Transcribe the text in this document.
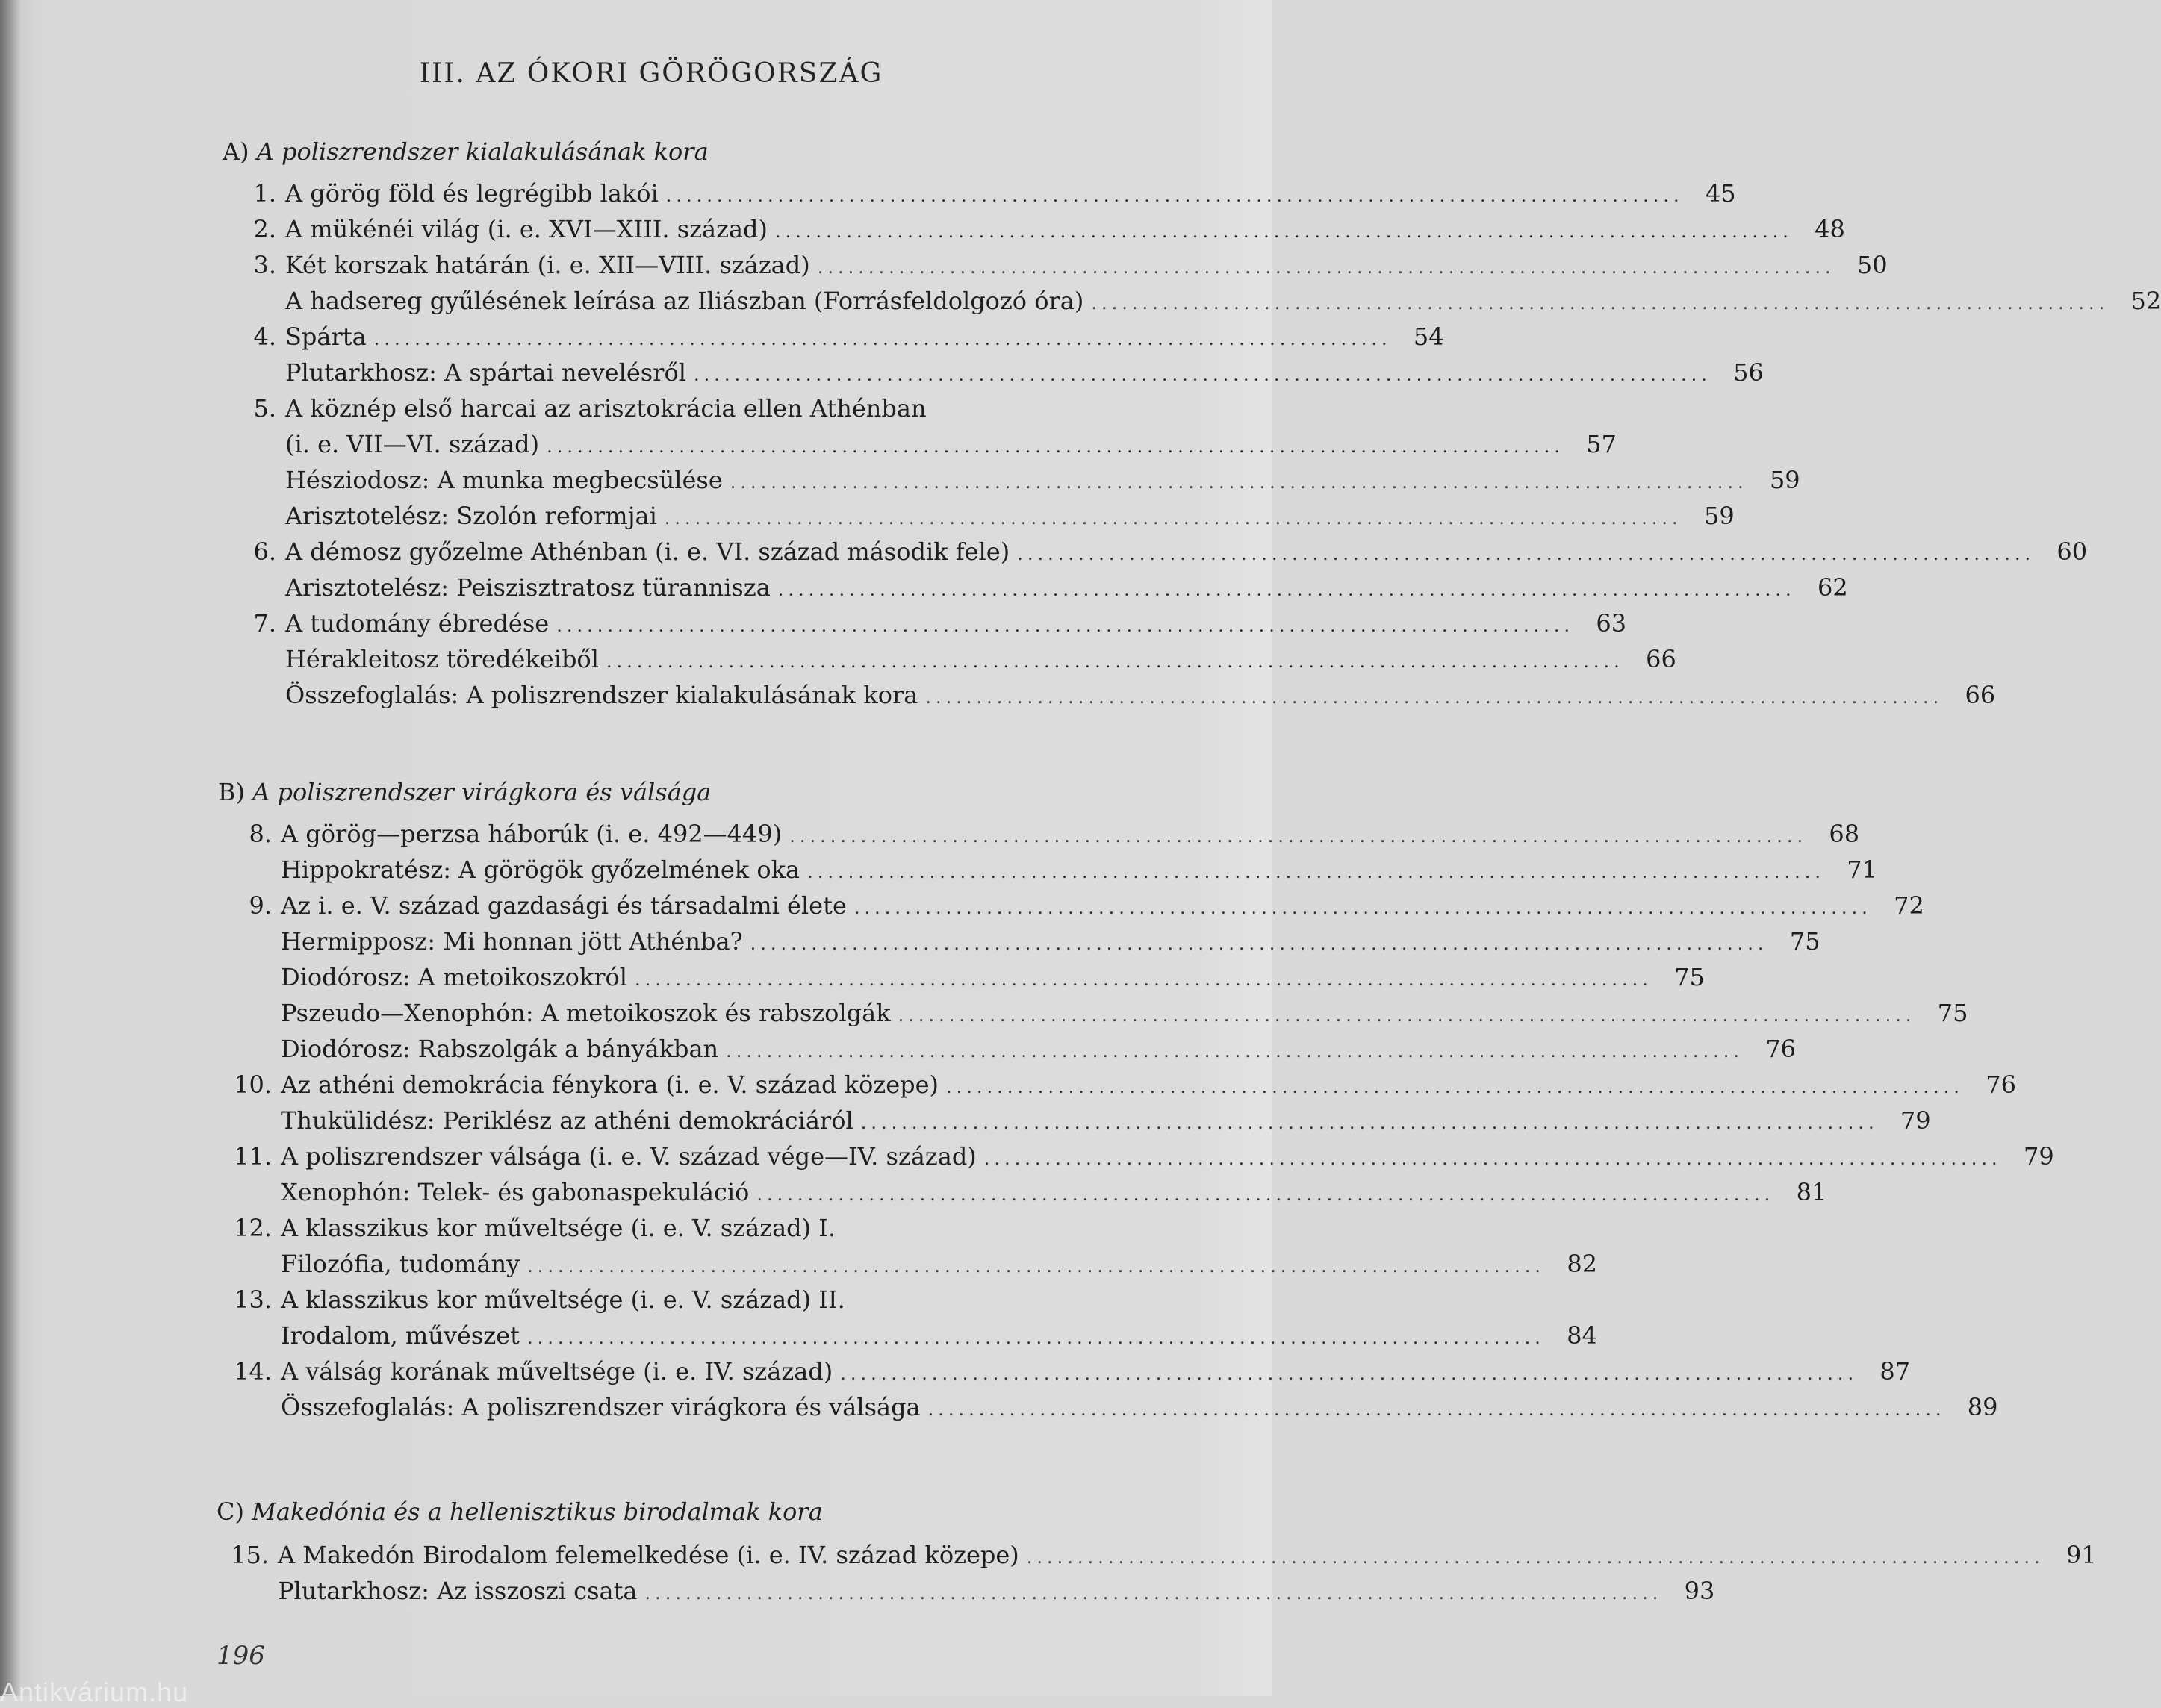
III. AZ ÓKORI GÖRÖGORSZÁG
A) A poliszrendszer kialakulásának kora
1. A görög föld és legrégibb lakói .................................................................................................... 45
2. A mükénéi világ (i. e. XVI—XIII. század) .................................................................................................... 48
3. Két korszak határán (i. e. XII—VIII. század) .................................................................................................... 50
A hadsereg gyűlésének leírása az Iliászban (Forrásfeldolgozó óra) .................................................................................................... 52
4. Spárta .................................................................................................... 54
Plutarkhosz: A spártai nevelésről .................................................................................................... 56
5. A köznép első harcai az arisztokrácia ellen Athénban
(i. e. VII—VI. század) .................................................................................................... 57
Hésziodosz: A munka megbecsülése .................................................................................................... 59
Arisztotelész: Szolón reformjai .................................................................................................... 59
6. A démosz győzelme Athénban (i. e. VI. század második fele) .................................................................................................... 60
Arisztotelész: Peiszisztratosz türannisza .................................................................................................... 62
7. A tudomány ébredése .................................................................................................... 63
Hérakleitosz töredékeiből .................................................................................................... 66
Összefoglalás: A poliszrendszer kialakulásának kora .................................................................................................... 66
B) A poliszrendszer virágkora és válsága
8. A görög—perzsa háborúk (i. e. 492—449) .................................................................................................... 68
Hippokratész: A görögök győzelmének oka .................................................................................................... 71
9. Az i. e. V. század gazdasági és társadalmi élete .................................................................................................... 72
Hermipposz: Mi honnan jött Athénba? .................................................................................................... 75
Diodórosz: A metoikoszokról .................................................................................................... 75
Pszeudo—Xenophón: A metoikoszok és rabszolgák .................................................................................................... 75
Diodórosz: Rabszolgák a bányákban .................................................................................................... 76
10. Az athéni demokrácia fénykora (i. e. V. század közepe) .................................................................................................... 76
Thukülidész: Periklész az athéni demokráciáról .................................................................................................... 79
11. A poliszrendszer válsága (i. e. V. század vége—IV. század) .................................................................................................... 79
Xenophón: Telek- és gabonaspekuláció .................................................................................................... 81
12. A klasszikus kor műveltsége (i. e. V. század) I.
Filozófia, tudomány .................................................................................................... 82
13. A klasszikus kor műveltsége (i. e. V. század) II.
Irodalom, művészet .................................................................................................... 84
14. A válság korának műveltsége (i. e. IV. század) .................................................................................................... 87
Összefoglalás: A poliszrendszer virágkora és válsága .................................................................................................... 89
C) Makedónia és a hellenisztikus birodalmak kora
15. A Makedón Birodalom felemelkedése (i. e. IV. század közepe) .................................................................................................... 91
Plutarkhosz: Az isszoszi csata .................................................................................................... 93
196
Antikvárium.hu
